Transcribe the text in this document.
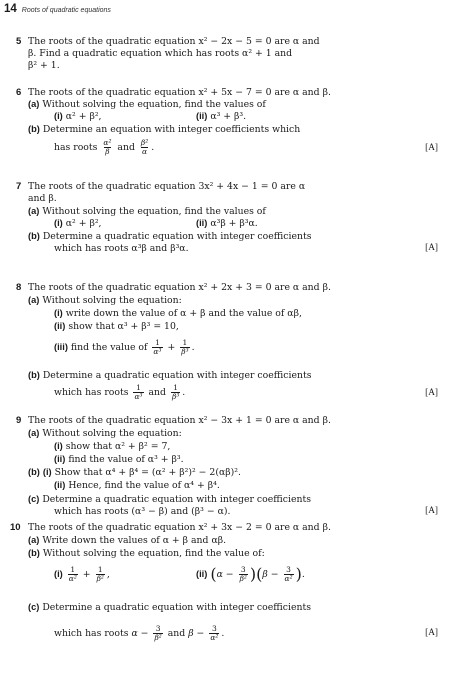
14 Roots of quadratic equations
5 The roots of the quadratic equation x² − 2x − 5 = 0 are α and
β. Find a quadratic equation which has roots α² + 1 and
β² + 1.
6 The roots of the quadratic equation x² + 5x − 7 = 0 are α and β.
(a) Without solving the equation, find the values of
(i) α² + β²,	(ii) α³ + β³.
(b) Determine an equation with integer coefficients which
has roots $\frac{\text{α²}}{\beta}$ and $\frac{\text{β²}}{\alpha}$ .	[A]
7 The roots of the quadratic equation 3x² + 4x − 1 = 0 are α
and β.
(a) Without solving the equation, find the values of
(i) α² + β²,	(ii) α³β + β³α.
(b) Determine a quadratic equation with integer coefficients
which has roots α³β and β³α.	[A]
8 The roots of the quadratic equation x² + 2x + 3 = 0 are α and β.
(a) Without solving the equation:
(i) write down the value of α + β and the value of αβ,
(ii) show that α³ + β³ = 10,
(iii) find the value of $\frac{1}{\text{α³}} + \frac{1}{\text{β³}}$ .
(b) Determine a quadratic equation with integer coefficients
which has roots $\frac{1}{\text{α³}}$ and $\frac{1}{\text{β³}}$ .	[A]
9 The roots of the quadratic equation x² − 3x + 1 = 0 are α and β.
(a) Without solving the equation:
(i) show that α² + β² = 7,
(ii) find the value of α³ + β³.
(b) (i) Show that α⁴ + β⁴ = (α² + β²)² − 2(αβ)².
(ii) Hence, find the value of α⁴ + β⁴.
(c) Determine a quadratic equation with integer coefficients
which has roots (α³ − β) and (β³ − α).	[A]
10 The roots of the quadratic equation x² + 3x − 2 = 0 are α and β.
(a) Write down the values of α + β and αβ.
(b) Without solving the equation, find the value of:
$(i) \frac{1}{\text{α²}} + \frac{1}{\text{β²}}$ ,	(ii) $(\alpha - \frac{3}{\text{β²}} )(\beta - \frac{3}{\text{α²}}$ ).
(c) Determine a quadratic equation with integer coefficients
which has roots $\alpha - \frac{3}{\text{β²}}$ and $\beta - \frac{3}{\text{α²}}$ .	[A]
